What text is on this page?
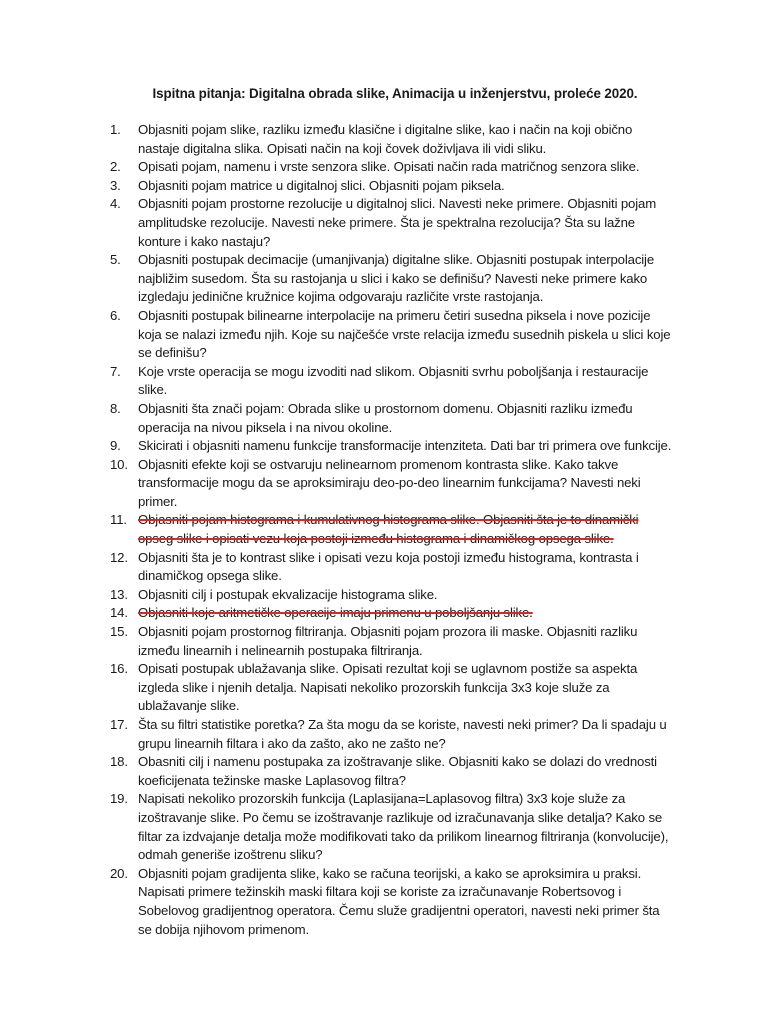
Ispitna pitanja: Digitalna obrada slike, Animacija u inženjerstvu, proleće 2020.
1. Objasniti pojam slike, razliku između klasične i digitalne slike, kao i način na koji obično nastaje digitalna slika. Opisati način na koji čovek doživljava ili vidi sliku.
2. Opisati pojam, namenu i vrste senzora slike. Opisati način rada matričnog senzora slike.
3. Objasniti pojam matrice u digitalnoj slici. Objasniti pojam piksela.
4. Objasniti pojam prostorne rezolucije u digitalnoj slici. Navesti neke primere. Objasniti pojam amplitudske rezolucije. Navesti neke primere. Šta je spektralna rezolucija? Šta su lažne konture i kako nastaju?
5. Objasniti postupak decimacije (umanjivanja) digitalne slike. Objasniti postupak interpolacije najbližim susedom. Šta su rastojanja u slici i kako se definišu? Navesti neke primere kako izgledaju jedinične kružnice kojima odgovaraju različite vrste rastojanja.
6. Objasniti postupak bilinearne interpolacije na primeru četiri susedna piksela i nove pozicije koja se nalazi između njih. Koje su najčešće vrste relacija između susednih piskela u slici koje se definišu?
7. Koje vrste operacija se mogu izvoditi nad slikom. Objasniti svrhu poboljšanja i restauracije slike.
8. Objasniti šta znači pojam: Obrada slike u prostornom domenu. Objasniti razliku između operacija na nivou piksela i na nivou okoline.
9. Skicirati i objasniti namenu funkcije transformacije intenziteta. Dati bar tri primera ove funkcije.
10. Objasniti efekte koji se ostvaruju nelinearnom promenom kontrasta slike. Kako takve transformacije mogu da se aproksimiraju deo-po-deo linearnim funkcijama? Navesti neki primer.
11. Objasniti pojam histograma i kumulativnog histograma slike. Objasniti šta je to dinamički opseg slike i opisati vezu koja postoji između histograma i dinamičkog opsega slike.
12. Objasniti šta je to kontrast slike i opisati vezu koja postoji između histograma, kontrasta i dinamičkog opsega slike.
13. Objasniti cilj i postupak ekvalizacije histograma slike.
14. Objasniti koje aritmetičke operacije imaju primenu u poboljšanju slike.
15. Objasniti pojam prostornog filtriranja. Objasniti pojam prozora ili maske. Objasniti razliku između linearnih i nelinearnih postupaka filtriranja.
16. Opisati postupak ublažavanja slike. Opisati rezultat koji se uglavnom postiže sa aspekta izgleda slike i njenih detalja. Napisati nekoliko prozorskih funkcija 3x3 koje služe za ublažavanje slike.
17. Šta su filtri statistike poretka? Za šta mogu da se koriste, navesti neki primer? Da li spadaju u grupu linearnih filtara i ako da zašto, ako ne zašto ne?
18. Obasniti cilj i namenu postupaka za izoštravanje slike. Objasniti kako se dolazi do vrednosti koeficijenata težinske maske Laplasovog filtra?
19. Napisati nekoliko prozorskih funkcija (Laplasijana=Laplasovog filtra) 3x3 koje služe za izoštravanje slike. Po čemu se izoštravanje razlikuje od izračunavanja slike detalja? Kako se filtar za izdvajanje detalja može modifikovati tako da prilikom linearnog filtriranja (konvolucije), odmah generiše izoštrenu sliku?
20. Objasniti pojam gradijenta slike, kako se računa teorijski, a kako se aproksimira u praksi. Napisati primere težinskih maski filtara koji se koriste za izračunavanje Robertsovog i Sobelovog gradijentnog operatora. Čemu služe gradijentni operatori, navesti neki primer šta se dobija njihovom primenom.
